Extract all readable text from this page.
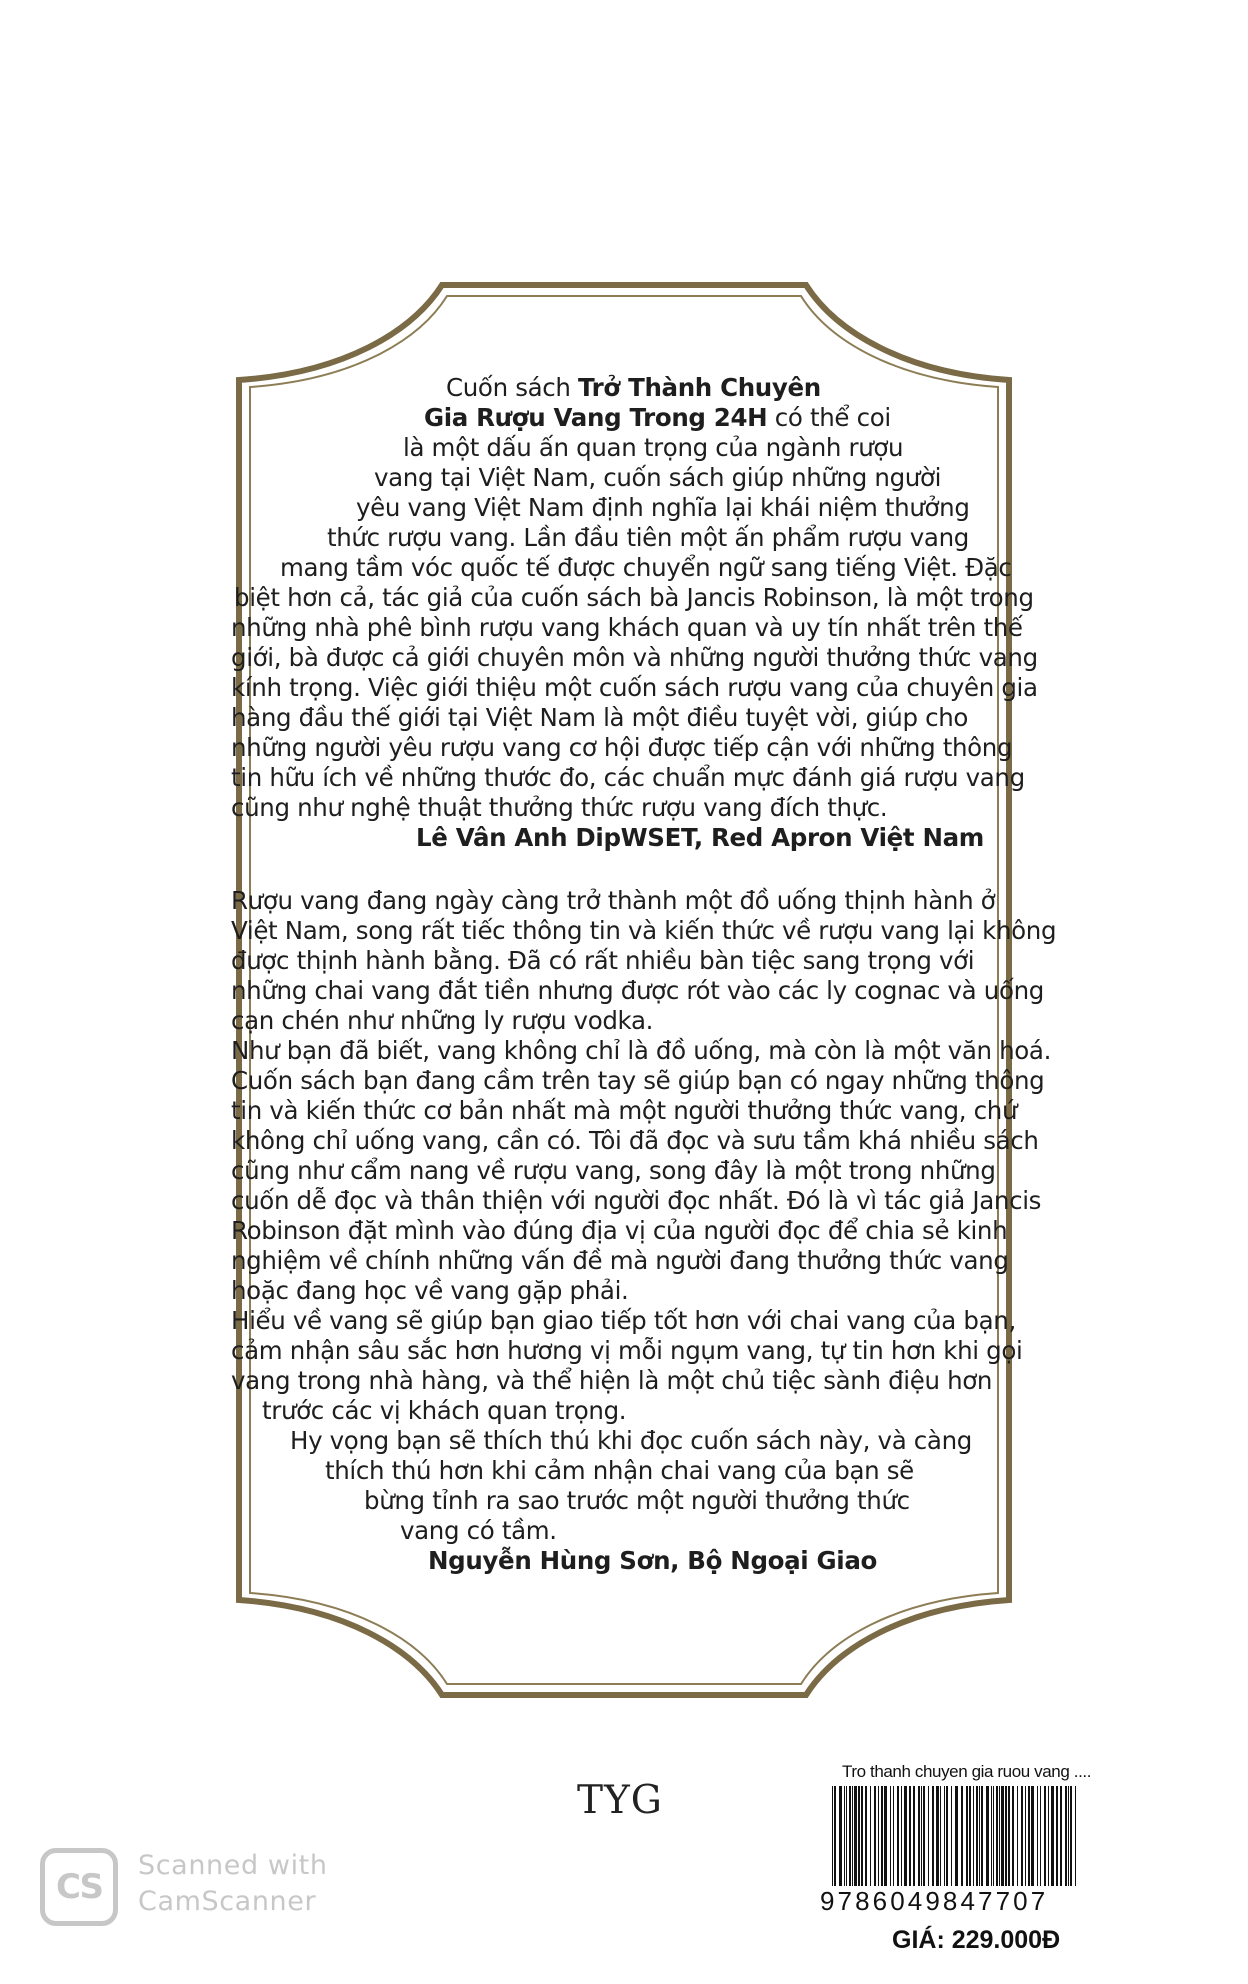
Cuốn sách Trở Thành Chuyên
Gia Rượu Vang Trong 24H có thể coi
là một dấu ấn quan trọng của ngành rượu
vang tại Việt Nam, cuốn sách giúp những người
yêu vang Việt Nam định nghĩa lại khái niệm thưởng
thức rượu vang. Lần đầu tiên một ấn phẩm rượu vang
mang tầm vóc quốc tế được chuyển ngữ sang tiếng Việt. Đặc
biệt hơn cả, tác giả của cuốn sách bà Jancis Robinson, là một trong
những nhà phê bình rượu vang khách quan và uy tín nhất trên thế
giới, bà được cả giới chuyên môn và những người thưởng thức vang
kính trọng. Việc giới thiệu một cuốn sách rượu vang của chuyên gia
hàng đầu thế giới tại Việt Nam là một điều tuyệt vời, giúp cho
những người yêu rượu vang cơ hội được tiếp cận với những thông
tin hữu ích về những thước đo, các chuẩn mực đánh giá rượu vang
cũng như nghệ thuật thưởng thức rượu vang đích thực.
Lê Vân Anh DipWSET, Red Apron Việt Nam
Rượu vang đang ngày càng trở thành một đồ uống thịnh hành ở
Việt Nam, song rất tiếc thông tin và kiến thức về rượu vang lại không
được thịnh hành bằng. Đã có rất nhiều bàn tiệc sang trọng với
những chai vang đắt tiền nhưng được rót vào các ly cognac và uống
cạn chén như những ly rượu vodka.
Như bạn đã biết, vang không chỉ là đồ uống, mà còn là một văn hoá.
Cuốn sách bạn đang cầm trên tay sẽ giúp bạn có ngay những thông
tin và kiến thức cơ bản nhất mà một người thưởng thức vang, chứ
không chỉ uống vang, cần có. Tôi đã đọc và sưu tầm khá nhiều sách
cũng như cẩm nang về rượu vang, song đây là một trong những
cuốn dễ đọc và thân thiện với người đọc nhất. Đó là vì tác giả Jancis
Robinson đặt mình vào đúng địa vị của người đọc để chia sẻ kinh
nghiệm về chính những vấn đề mà người đang thưởng thức vang
hoặc đang học về vang gặp phải.
Hiểu về vang sẽ giúp bạn giao tiếp tốt hơn với chai vang của bạn,
cảm nhận sâu sắc hơn hương vị mỗi ngụm vang, tự tin hơn khi gọi
vang trong nhà hàng, và thể hiện là một chủ tiệc sành điệu hơn
trước các vị khách quan trọng.
Hy vọng bạn sẽ thích thú khi đọc cuốn sách này, và càng
thích thú hơn khi cảm nhận chai vang của bạn sẽ
bừng tỉnh ra sao trước một người thưởng thức
vang có tầm.
Nguyễn Hùng Sơn, Bộ Ngoại Giao
TYG
Tro thanh chuyen gia ruou vang ....
9786049847707
GIÁ: 229.000Đ
CS
Scanned with
CamScanner
